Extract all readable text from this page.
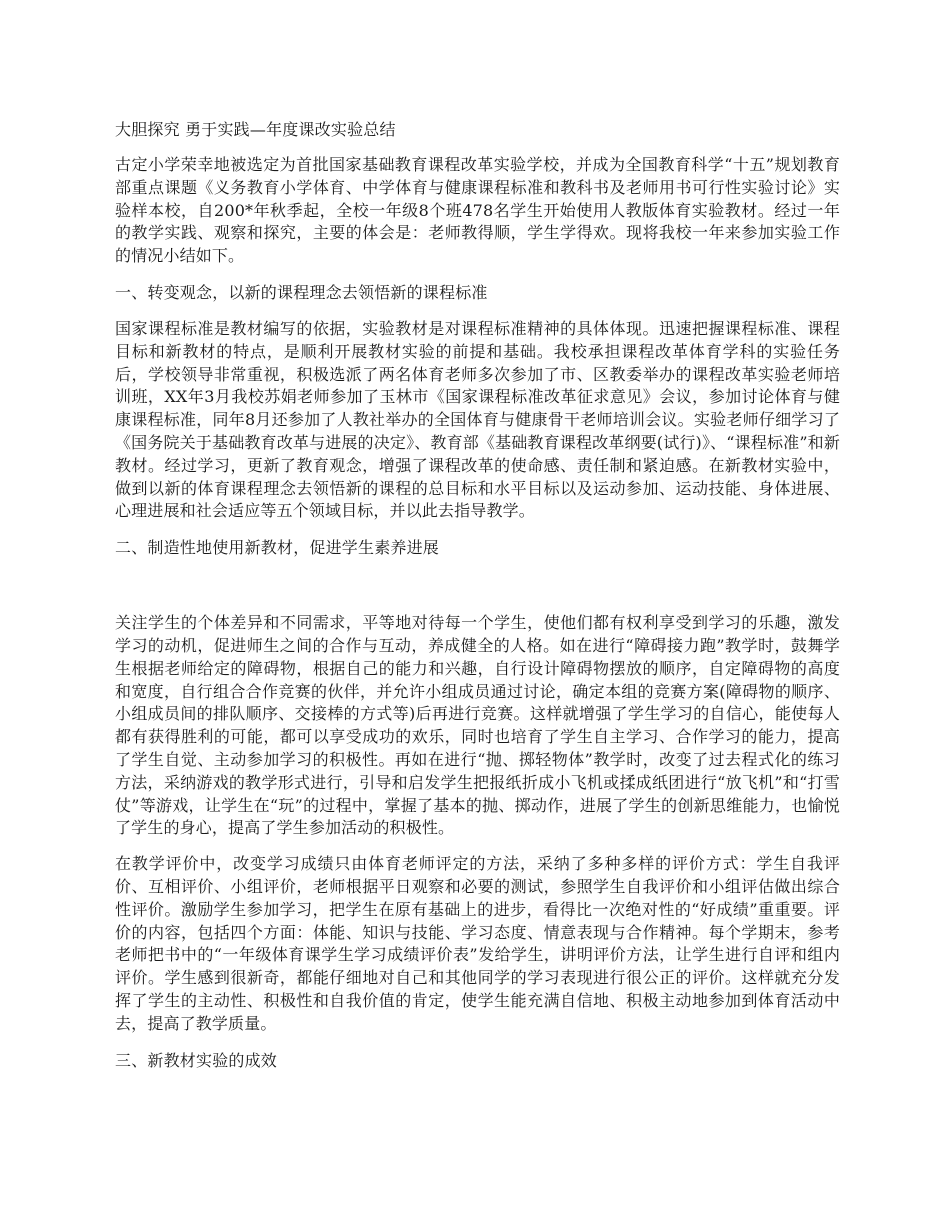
大胆探究 勇于实践—年度课改实验总结

古定小学荣幸地被选定为首批国家基础教育课程改革实验学校，并成为全国教育科学“十五”规划教育部重点课题《义务教育小学体育、中学体育与健康课程标准和教科书及老师用书可行性实验讨论》实验样本校，自200*年秋季起，全校一年级8个班478名学生开始使用人教版体育实验教材。经过一年的教学实践、观察和探究，主要的体会是：老师教得顺，学生学得欢。现将我校一年来参加实验工作的情况小结如下。

一、转变观念，以新的课程理念去领悟新的课程标准

国家课程标准是教材编写的依据，实验教材是对课程标准精神的具体体现。迅速把握课程标准、课程目标和新教材的特点，是顺利开展教材实验的前提和基础。我校承担课程改革体育学科的实验任务后，学校领导非常重视，积极选派了两名体育老师多次参加了市、区教委举办的课程改革实验老师培训班，XX年3月我校苏娟老师参加了玉林市《国家课程标准改革征求意见》会议，参加讨论体育与健康课程标准，同年8月还参加了人教社举办的全国体育与健康骨干老师培训会议。实验老师仔细学习了《国务院关于基础教育改革与进展的决定》、教育部《基础教育课程改革纲要(试行)》、“课程标准”和新教材。经过学习，更新了教育观念，增强了课程改革的使命感、责任制和紧迫感。在新教材实验中，做到以新的体育课程理念去领悟新的课程的总目标和水平目标以及运动参加、运动技能、身体进展、心理进展和社会适应等五个领域目标，并以此去指导教学。

二、制造性地使用新教材，促进学生素养进展

关注学生的个体差异和不同需求，平等地对待每一个学生，使他们都有权利享受到学习的乐趣，激发学习的动机，促进师生之间的合作与互动，养成健全的人格。如在进行“障碍接力跑”教学时，鼓舞学生根据老师给定的障碍物，根据自己的能力和兴趣，自行设计障碍物摆放的顺序，自定障碍物的高度和宽度，自行组合合作竞赛的伙伴，并允许小组成员通过讨论，确定本组的竞赛方案(障碍物的顺序、小组成员间的排队顺序、交接棒的方式等)后再进行竞赛。这样就增强了学生学习的自信心，能使每人都有获得胜利的可能，都可以享受成功的欢乐，同时也培育了学生自主学习、合作学习的能力，提高了学生自觉、主动参加学习的积极性。再如在进行“抛、掷轻物体”教学时，改变了过去程式化的练习方法，采纳游戏的教学形式进行，引导和启发学生把报纸折成小飞机或揉成纸团进行“放飞机”和“打雪仗”等游戏，让学生在“玩”的过程中，掌握了基本的抛、掷动作，进展了学生的创新思维能力，也愉悦了学生的身心，提高了学生参加活动的积极性。

在教学评价中，改变学习成绩只由体育老师评定的方法，采纳了多种多样的评价方式：学生自我评价、互相评价、小组评价，老师根据平日观察和必要的测试，参照学生自我评价和小组评估做出综合性评价。激励学生参加学习，把学生在原有基础上的进步，看得比一次绝对性的“好成绩”重重要。评价的内容，包括四个方面：体能、知识与技能、学习态度、情意表现与合作精神。每个学期末，参考老师把书中的“一年级体育课学生学习成绩评价表”发给学生，讲明评价方法，让学生进行自评和组内评价。学生感到很新奇，都能仔细地对自己和其他同学的学习表现进行很公正的评价。这样就充分发挥了学生的主动性、积极性和自我价值的肯定，使学生能充满自信地、积极主动地参加到体育活动中去，提高了教学质量。

三、新教材实验的成效
